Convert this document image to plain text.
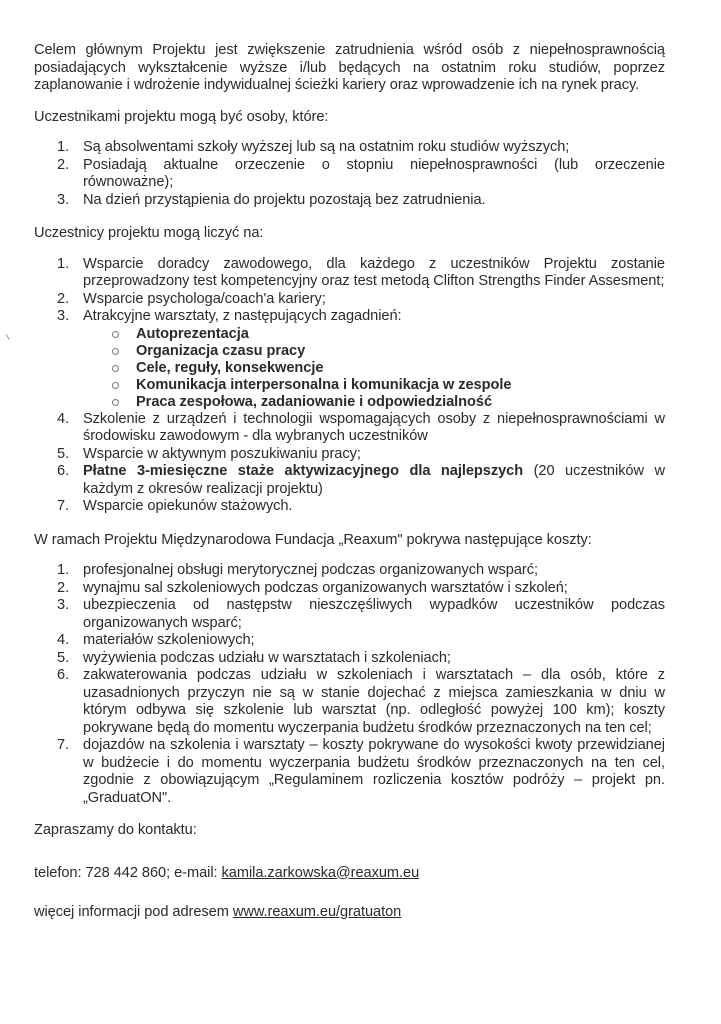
Celem głównym Projektu jest zwiększenie zatrudnienia wśród osób z niepełnosprawnością posiadających wykształcenie wyższe i/lub będących na ostatnim roku studiów, poprzez zaplanowanie i wdrożenie indywidualnej ścieżki kariery oraz wprowadzenie ich na rynek pracy.

Uczestnikami projektu mogą być osoby, które:

1. Są absolwentami szkoły wyższej lub są na ostatnim roku studiów wyższych;
2. Posiadają aktualne orzeczenie o stopniu niepełnosprawności (lub orzeczenie równoważne);
3. Na dzień przystąpienia do projektu pozostają bez zatrudnienia.

Uczestnicy projektu mogą liczyć na:

1. Wsparcie doradcy zawodowego, dla każdego z uczestników Projektu zostanie przeprowadzony test kompetencyjny oraz test metodą Clifton Strengths Finder Assesment;
2. Wsparcie psychologa/coach'a kariery;
3. Atrakcyjne warsztaty, z następujących zagadnień:
Autoprezentacja
Organizacja czasu pracy
Cele, reguły, konsekwencje
Komunikacja interpersonalna i komunikacja w zespole
Praca zespołowa, zadaniowanie i odpowiedzialność
4. Szkolenie z urządzeń i technologii wspomagających osoby z niepełnosprawnościami w środowisku zawodowym - dla wybranych uczestników
5. Wsparcie w aktywnym poszukiwaniu pracy;
6. Płatne 3-miesięczne staże aktywizacyjnego dla najlepszych (20 uczestników w każdym z okresów realizacji projektu)
7. Wsparcie opiekunów stażowych.

W ramach Projektu Międzynarodowa Fundacja „Reaxum" pokrywa następujące koszty:

1. profesjonalnej obsługi merytorycznej podczas organizowanych wsparć;
2. wynajmu sal szkoleniowych podczas organizowanych warsztatów i szkoleń;
3. ubezpieczenia od następstw nieszczęśliwych wypadków uczestników podczas organizowanych wsparć;
4. materiałów szkoleniowych;
5. wyżywienia podczas udziału w warsztatach i szkoleniach;
6. zakwaterowania podczas udziału w szkoleniach i warsztatach – dla osób, które z uzasadnionych przyczyn nie są w stanie dojechać z miejsca zamieszkania w dniu w którym odbywa się szkolenie lub warsztat (np. odległość powyżej 100 km); koszty pokrywane będą do momentu wyczerpania budżetu środków przeznaczonych na ten cel;
7. dojazdów na szkolenia i warsztaty – koszty pokrywane do wysokości kwoty przewidzianej w budżecie i do momentu wyczerpania budżetu środków przeznaczonych na ten cel, zgodnie z obowiązującym „Regulaminem rozliczenia kosztów podróży – projekt pn. „GraduatON".

Zapraszamy do kontaktu:

telefon: 728 442 860; e-mail: kamila.zarkowska@reaxum.eu

więcej informacji pod adresem www.reaxum.eu/gratuaton
